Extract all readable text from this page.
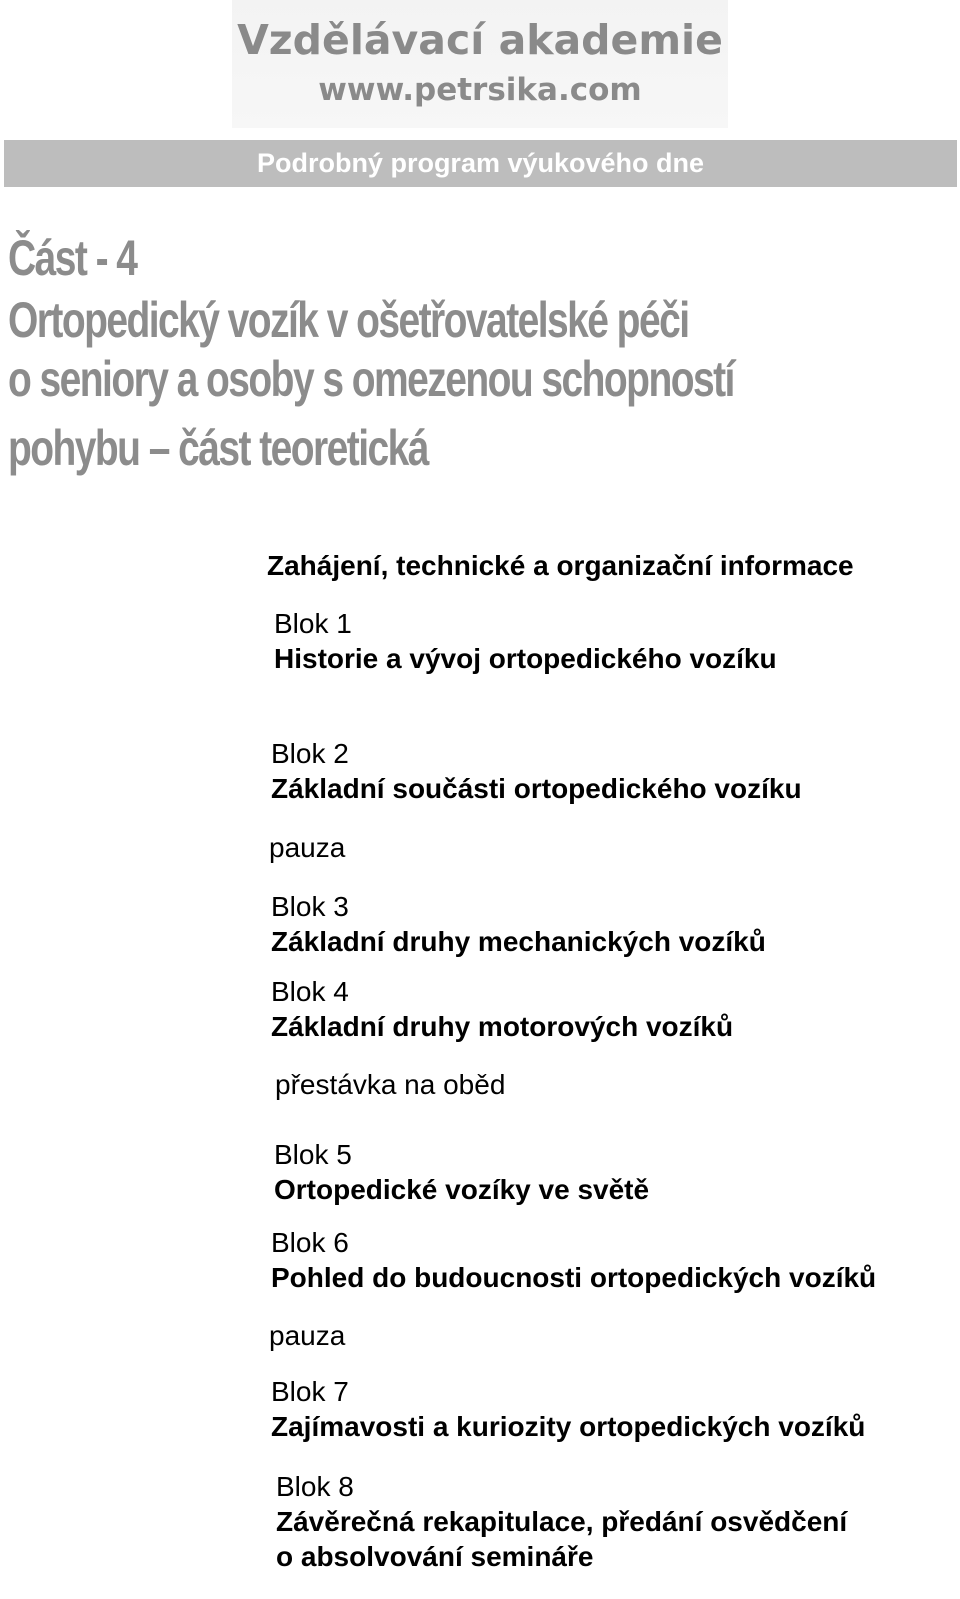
Vzdělávací akademie
www.petrsika.com
Podrobný program výukového dne
Část - 4
Ortopedický vozík v ošetřovatelské péči
o seniory a osoby s omezenou schopností
pohybu – část teoretická
Zahájení, technické a organizační informace
Blok 1
Historie a vývoj ortopedického vozíku
Blok 2
Základní součásti ortopedického vozíku
pauza
Blok 3
Základní druhy mechanických vozíků
Blok 4
Základní druhy motorových vozíků
přestávka na oběd
Blok 5
Ortopedické vozíky ve světě
Blok 6
Pohled do budoucnosti ortopedických vozíků
pauza
Blok 7
Zajímavosti a kuriozity ortopedických vozíků
Blok 8
Závěrečná rekapitulace, předání osvědčení
o absolvování semináře
